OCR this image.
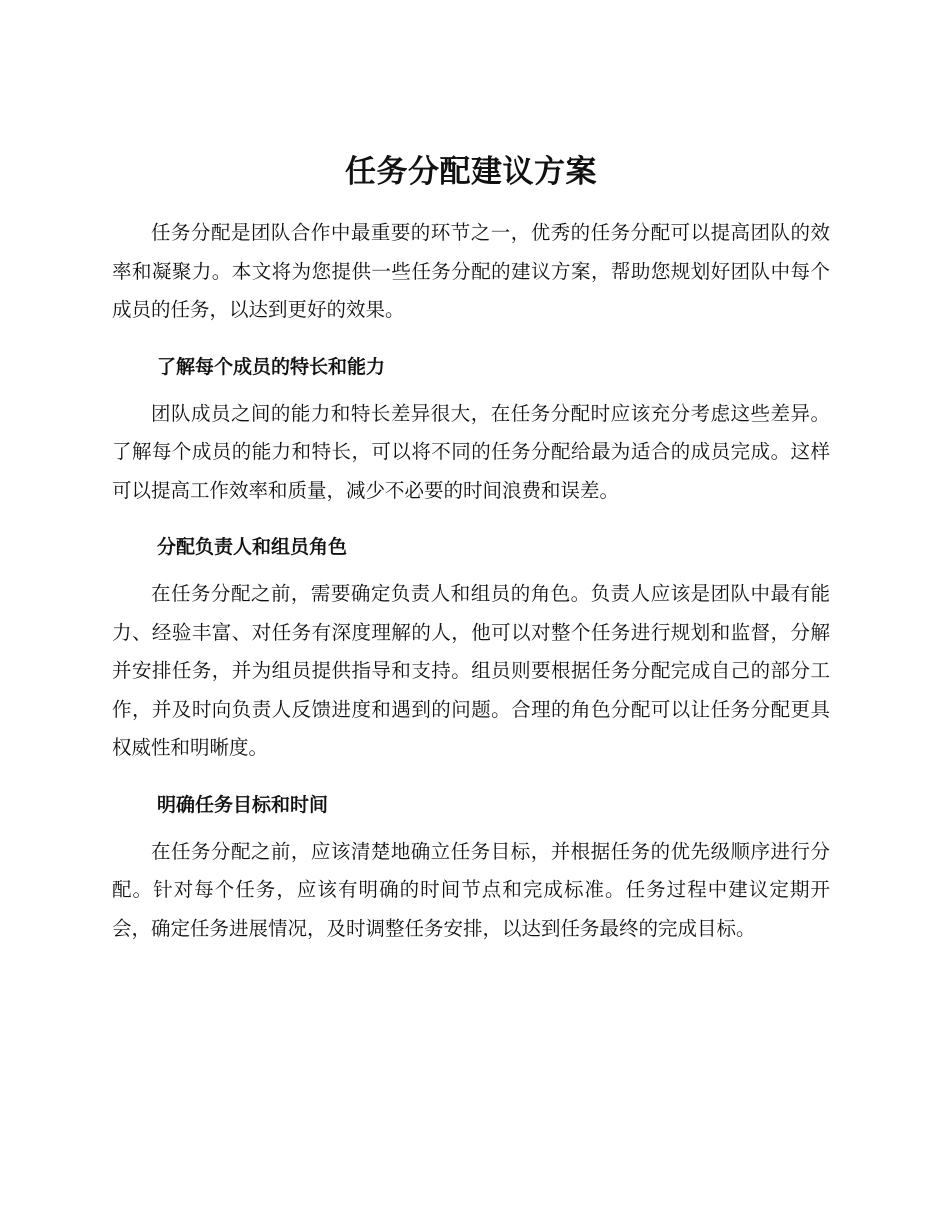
任务分配建议方案

任务分配是团队合作中最重要的环节之一，优秀的任务分配可以提高团队的效率和凝聚力。本文将为您提供一些任务分配的建议方案，帮助您规划好团队中每个成员的任务，以达到更好的效果。

了解每个成员的特长和能力

团队成员之间的能力和特长差异很大，在任务分配时应该充分考虑这些差异。了解每个成员的能力和特长，可以将不同的任务分配给最为适合的成员完成。这样可以提高工作效率和质量，减少不必要的时间浪费和误差。

分配负责人和组员角色

在任务分配之前，需要确定负责人和组员的角色。负责人应该是团队中最有能力、经验丰富、对任务有深度理解的人，他可以对整个任务进行规划和监督，分解并安排任务，并为组员提供指导和支持。组员则要根据任务分配完成自己的部分工作，并及时向负责人反馈进度和遇到的问题。合理的角色分配可以让任务分配更具权威性和明晰度。

明确任务目标和时间

在任务分配之前，应该清楚地确立任务目标，并根据任务的优先级顺序进行分配。针对每个任务，应该有明确的时间节点和完成标准。任务过程中建议定期开会，确定任务进展情况，及时调整任务安排，以达到任务最终的完成目标。
